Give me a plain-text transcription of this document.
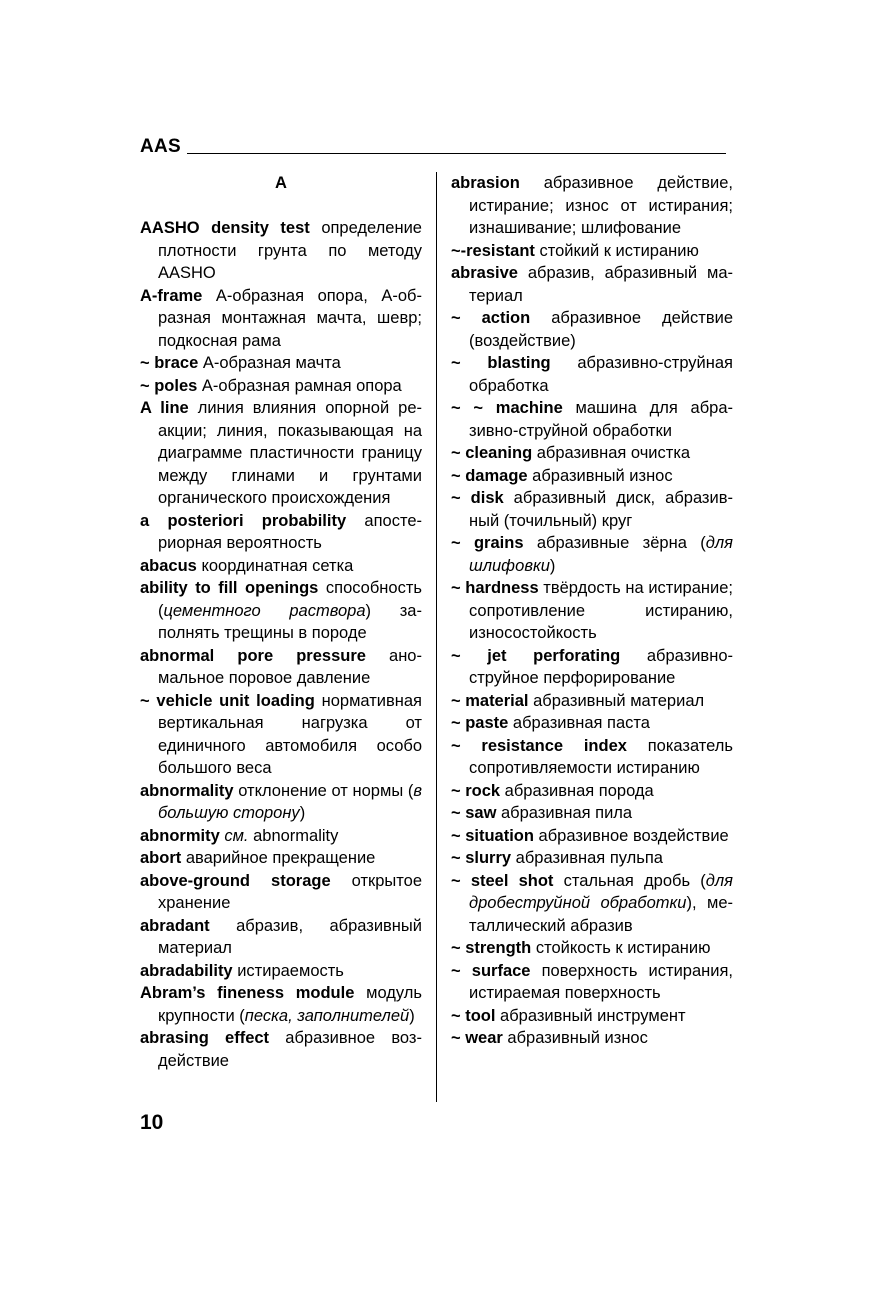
AAS
A
AASHO density test определение плотности грунта по методу AASHO
A-frame А-образная опора, А-образная монтажная мачта, шевр; подкосная рама
~ brace А-образная мачта
~ poles А-образная рамная опора
A line линия влияния опорной реакции; линия, показывающая на диаграмме пластичности границу между глинами и грунтами органического происхождения
a posteriori probability апостериорная вероятность
abacus координатная сетка
ability to fill openings способность (цементного раствора) заполнять трещины в породе
abnormal pore pressure аномальное поровое давление
~ vehicle unit loading нормативная вертикальная нагрузка от единичного автомобиля особо большого веса
abnormality отклонение от нормы (в большую сторону)
abnormity см. abnormality
abort аварийное прекращение
above-ground storage открытое хранение
abradant абразив, абразивный материал
abradability истираемость
Abram’s fineness module модуль крупности (песка, заполнителей)
abrasing effect абразивное воздействие
abrasion абразивное действие, истирание; износ от истирания; изнашивание; шлифование
~-resistant стойкий к истиранию
abrasive абразив, абразивный материал
~ action абразивное действие (воздействие)
~ blasting абразивно-струйная обработка
~ ~ machine машина для абразивно-струйной обработки
~ cleaning абразивная очистка
~ damage абразивный износ
~ disk абразивный диск, абразивный (точильный) круг
~ grains абразивные зёрна (для шлифовки)
~ hardness твёрдость на истирание; сопротивление истиранию, износостойкость
~ jet perforating абразивно-струйное перфорирование
~ material абразивный материал
~ paste абразивная паста
~ resistance index показатель сопротивляемости истиранию
~ rock абразивная порода
~ saw абразивная пила
~ situation абразивное воздействие
~ slurry абразивная пульпа
~ steel shot стальная дробь (для дробеструйной обработки), металлический абразив
~ strength стойкость к истиранию
~ surface поверхность истирания, истираемая поверхность
~ tool абразивный инструмент
~ wear абразивный износ
10
